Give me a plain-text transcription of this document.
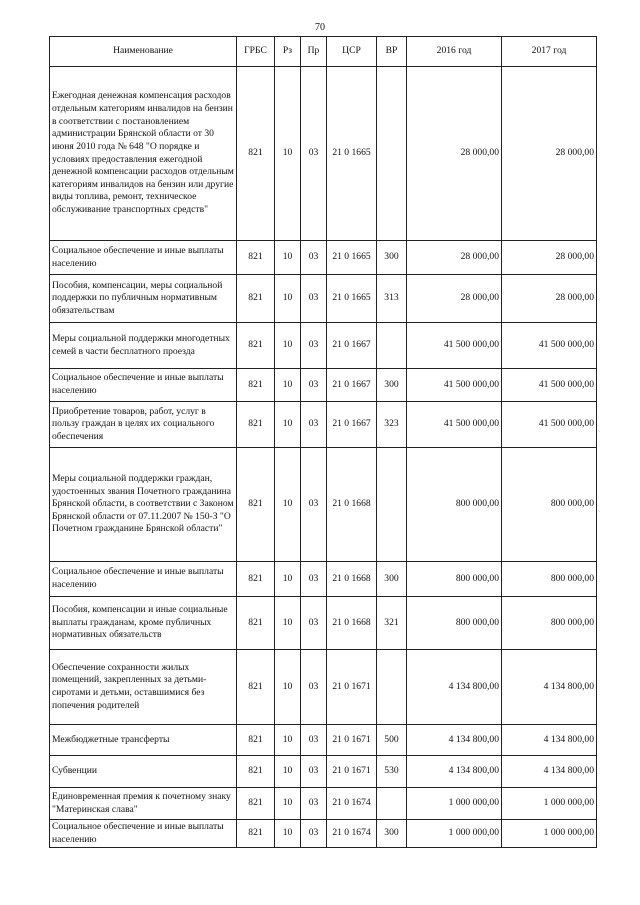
70
Наименование	ГРБС	Рз	Пр	ЦСР	ВР	2016 год	2017 год
Ежегодная денежная компенсация расходов отдельным категориям инвалидов на бензин в соответствии с постановлением администрации Брянской области от 30 июня 2010 года № 648 "О порядке и условиях предоставления ежегодной денежной компенсации расходов отдельным категориям инвалидов на бензин или другие виды топлива, ремонт, техническое обслуживание транспортных средств"	821	10	03	21 0 1665		28 000,00	28 000,00
Социальное обеспечение и иные выплаты населению	821	10	03	21 0 1665	300	28 000,00	28 000,00
Пособия, компенсации, меры социальной поддержки по публичным нормативным обязательствам	821	10	03	21 0 1665	313	28 000,00	28 000,00
Меры социальной поддержки многодетных семей в части бесплатного проезда	821	10	03	21 0 1667		41 500 000,00	41 500 000,00
Социальное обеспечение и иные выплаты населению	821	10	03	21 0 1667	300	41 500 000,00	41 500 000,00
Приобретение товаров, работ, услуг в пользу граждан в целях их социального обеспечения	821	10	03	21 0 1667	323	41 500 000,00	41 500 000,00
Меры социальной поддержки граждан, удостоенных звания Почетного гражданина Брянской области, в соответствии с Законом Брянской области от 07.11.2007 № 150-З "О Почетном гражданине Брянской области"	821	10	03	21 0 1668		800 000,00	800 000,00
Социальное обеспечение и иные выплаты населению	821	10	03	21 0 1668	300	800 000,00	800 000,00
Пособия, компенсации и иные социальные выплаты гражданам, кроме публичных нормативных обязательств	821	10	03	21 0 1668	321	800 000,00	800 000,00
Обеспечение сохранности жилых помещений, закрепленных за детьми-сиротами и детьми, оставшимися без попечения родителей	821	10	03	21 0 1671		4 134 800,00	4 134 800,00
Межбюджетные трансферты	821	10	03	21 0 1671	500	4 134 800,00	4 134 800,00
Субвенции	821	10	03	21 0 1671	530	4 134 800,00	4 134 800,00
Единовременная премия к почетному знаку "Материнская слава"	821	10	03	21 0 1674		1 000 000,00	1 000 000,00
Социальное обеспечение и иные выплаты населению	821	10	03	21 0 1674	300	1 000 000,00	1 000 000,00
